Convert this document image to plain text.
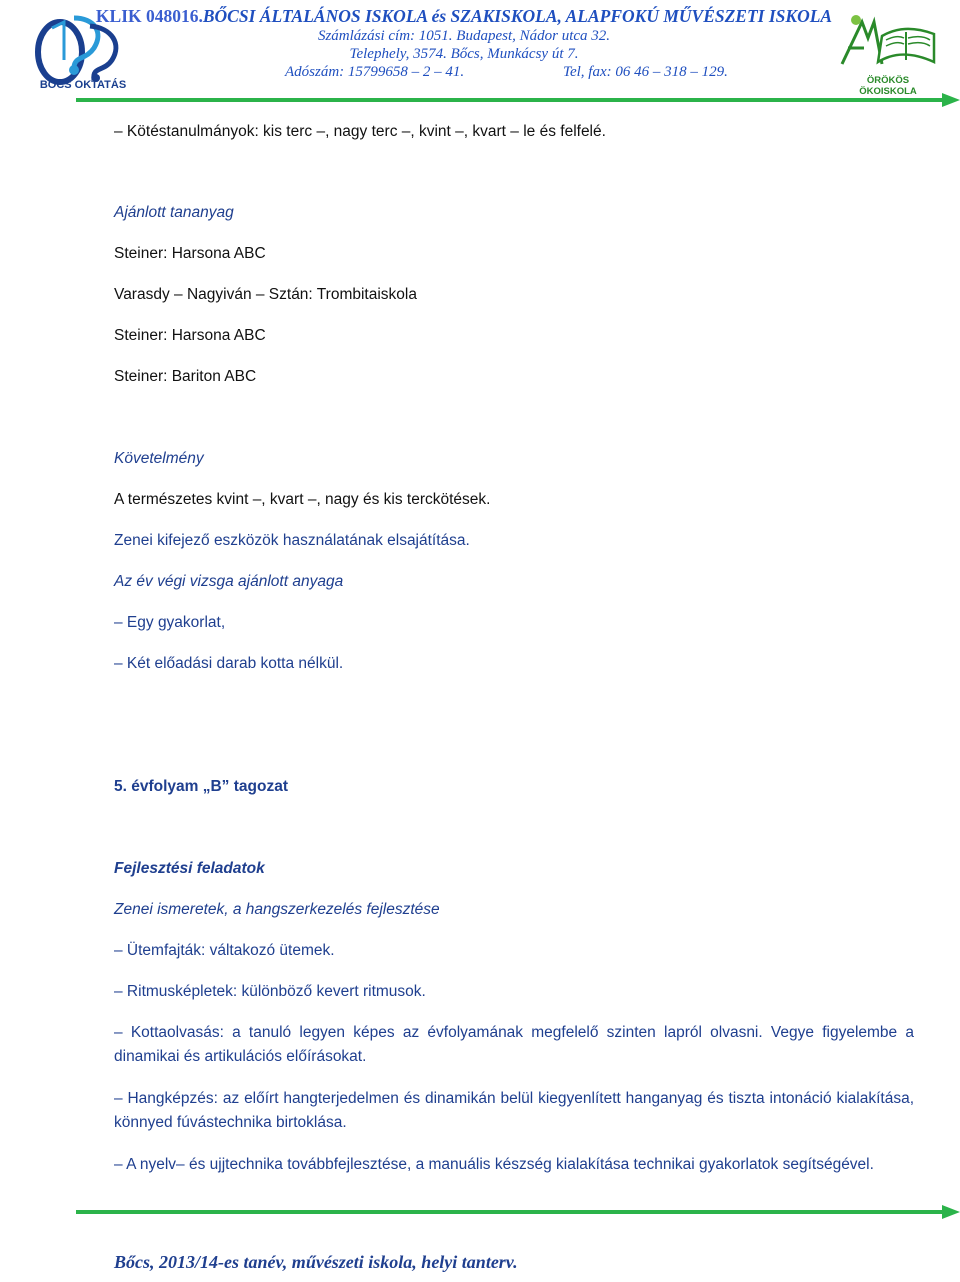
BŐCS OKTATÁS
KLIK 048016.BŐCSI ÁLTALÁNOS ISKOLA és SZAKISKOLA, ALAPFOKÚ MŰVÉSZETI ISKOLA
Számlázási cím: 1051. Budapest, Nádor utca 32.
Telephely, 3574. Bőcs, Munkácsy út 7.
Adószám: 15799658 – 2 – 41.	Tel, fax: 06 46 – 318 – 129.
ÖRÖKÖS ÖKOISKOLA
– Kötéstanulmányok: kis terc –, nagy terc –, kvint –, kvart – le és felfelé.
Ajánlott tananyag
Steiner: Harsona ABC
Varasdy – Nagyiván – Sztán: Trombitaiskola
Steiner: Harsona ABC
Steiner: Bariton ABC
Követelmény
A természetes kvint –, kvart –, nagy és kis terckötések.
Zenei kifejező eszközök használatának elsajátítása.
Az év végi vizsga ajánlott anyaga
– Egy gyakorlat,
– Két előadási darab kotta nélkül.
5. évfolyam „B” tagozat
Fejlesztési feladatok
Zenei ismeretek, a hangszerkezelés fejlesztése
– Ütemfajták: váltakozó ütemek.
– Ritmusképletek: különböző kevert ritmusok.
– Kottaolvasás: a tanuló legyen képes az évfolyamának megfelelő szinten lapról olvasni. Vegye figyelembe a dinamikai és artikulációs előírásokat.
– Hangképzés: az előírt hangterjedelmen és dinamikán belül kiegyenlített hanganyag és tiszta intonáció kialakítása, könnyed fúvástechnika birtoklása.
– A nyelv– és ujjtechnika továbbfejlesztése, a manuális készség kialakítása technikai gyakorlatok segítségével.
Bőcs, 2013/14-es tanév, művészeti iskola, helyi tanterv.
